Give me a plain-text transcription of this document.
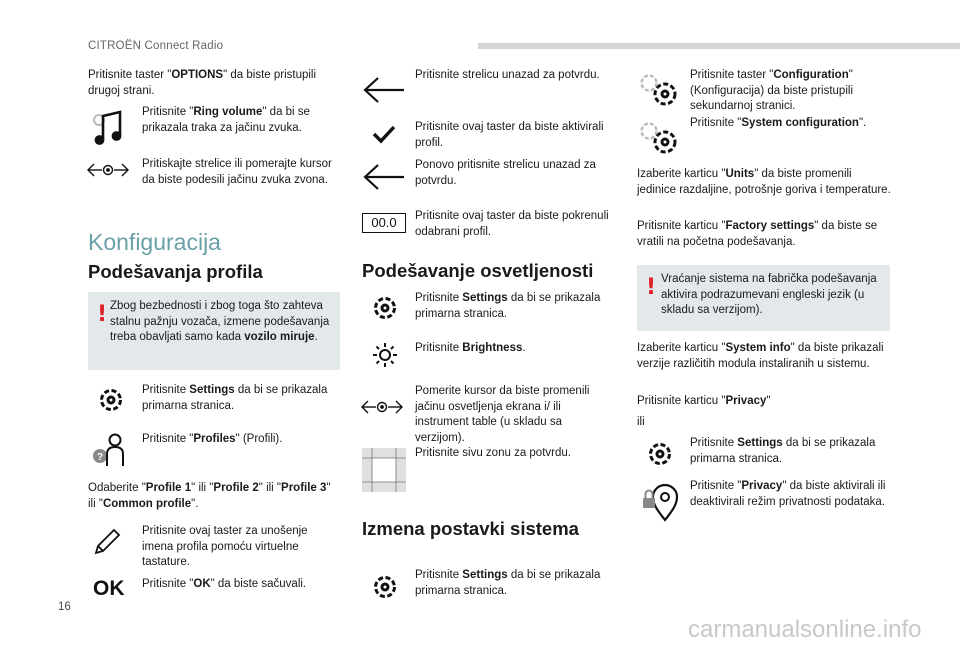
CITROËN Connect Radio
Pritisnite taster "OPTIONS" da biste pristupili drugoj strani.
Pritisnite "Ring volume" da bi se prikazala traka za jačinu zvuka.
Pritiskajte strelice ili pomerajte kursor da biste podesili jačinu zvuka zvona.
Konfiguracija
Podešavanja profila
! Zbog bezbednosti i zbog toga što zahteva stalnu pažnju vozača, izmene podešavanja treba obavljati samo kada vozilo miruje.
Pritisnite Settings da bi se prikazala primarna stranica.
?
Pritisnite "Profiles" (Profili).
Odaberite "Profile 1" ili "Profile 2" ili "Profile 3" ili "Common profile".
Pritisnite ovaj taster za unošenje imena profila pomoću virtuelne tastature.
OK Pritisnite "OK" da biste sačuvali.
Pritisnite strelicu unazad za potvrdu.
Pritisnite ovaj taster da biste aktivirali profil.
Ponovo pritisnite strelicu unazad za potvrdu.
00.0	Pritisnite ovaj taster da biste pokrenuli odabrani profil.
Podešavanje osvetljenosti
Pritisnite Settings da bi se prikazala primarna stranica.
Pritisnite Brightness.
Pomerite kursor da biste promenili jačinu osvetljenja ekrana i/ ili instrument table (u skladu sa verzijom).
Pritisnite sivu zonu za potvrdu.
Izmena postavki sistema
Pritisnite Settings da bi se prikazala primarna stranica.
Pritisnite taster "Configuration" (Konfiguracija) da biste pristupili sekundarnoj stranici.
Pritisnite "System configuration".
Izaberite karticu "Units" da biste promenili jedinice razdaljine, potrošnje goriva i temperature.
Pritisnite karticu "Factory settings" da biste se vratili na početna podešavanja.
! Vraćanje sistema na fabrička podešavanja aktivira podrazumevani engleski jezik (u skladu sa verzijom).
Izaberite karticu "System info" da biste prikazali verzije različitih modula instaliranih u sistemu.
Pritisnite karticu "Privacy"
ili
Pritisnite Settings da bi se prikazala primarna stranica.
Pritisnite "Privacy" da biste aktivirali ili deaktivirali režim privatnosti podataka.
16
carmanualsonline.info
